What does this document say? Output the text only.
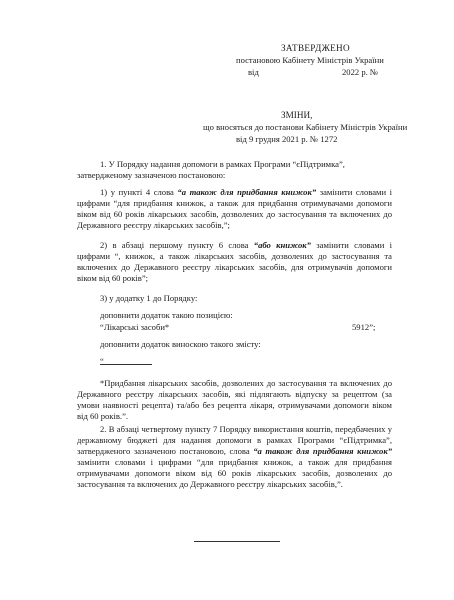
ЗАТВЕРДЖЕНО
постановою Кабінету Міністрів України
від	2022 р. №
ЗМІНИ,
що вносяться до постанови Кабінету Міністрів України
від 9 грудня 2021 р. № 1272
1. У Порядку надання допомоги в рамках Програми “єПідтримка”,
затвердженому зазначеною постановою:
1) у пункті 4 слова “а також для придбання книжок” замінити словами і цифрами “для придбання книжок, а також для придбання отримувачами допомоги віком від 60 років лікарських засобів, дозволених до застосування та включених до Державного реєстру лікарських засобів,”;
2) в абзаці першому пункту 6 слова “або книжок” замінити словами і цифрами “, книжок, а також лікарських засобів, дозволених до застосування та включених до Державного реєстру лікарських засобів, для отримувачів допомоги віком від 60 років”;
3) у додатку 1 до Порядку:
доповнити додаток такою позицією:
“Лікарські засоби*	5912”;
доповнити додаток виноскою такого змісту:
“
*Придбання лікарських засобів, дозволених до застосування та включених до Державного реєстру лікарських засобів, які підлягають відпуску за рецептом (за умови наявності рецепта) та/або без рецепта лікаря, отримувачами допомоги віком від 60 років.”.
2. В абзаці четвертому пункту 7 Порядку використання коштів, передбачених у державному бюджеті для надання допомоги в рамках Програми “єПідтримка”, затвердженого зазначеною постановою, слова “а також для придбання книжок” замінити словами і цифрами “для придбання книжок, а також для придбання отримувачами допомоги віком від 60 років лікарських засобів, дозволених до застосування та включених до Державного реєстру лікарських засобів,”.
